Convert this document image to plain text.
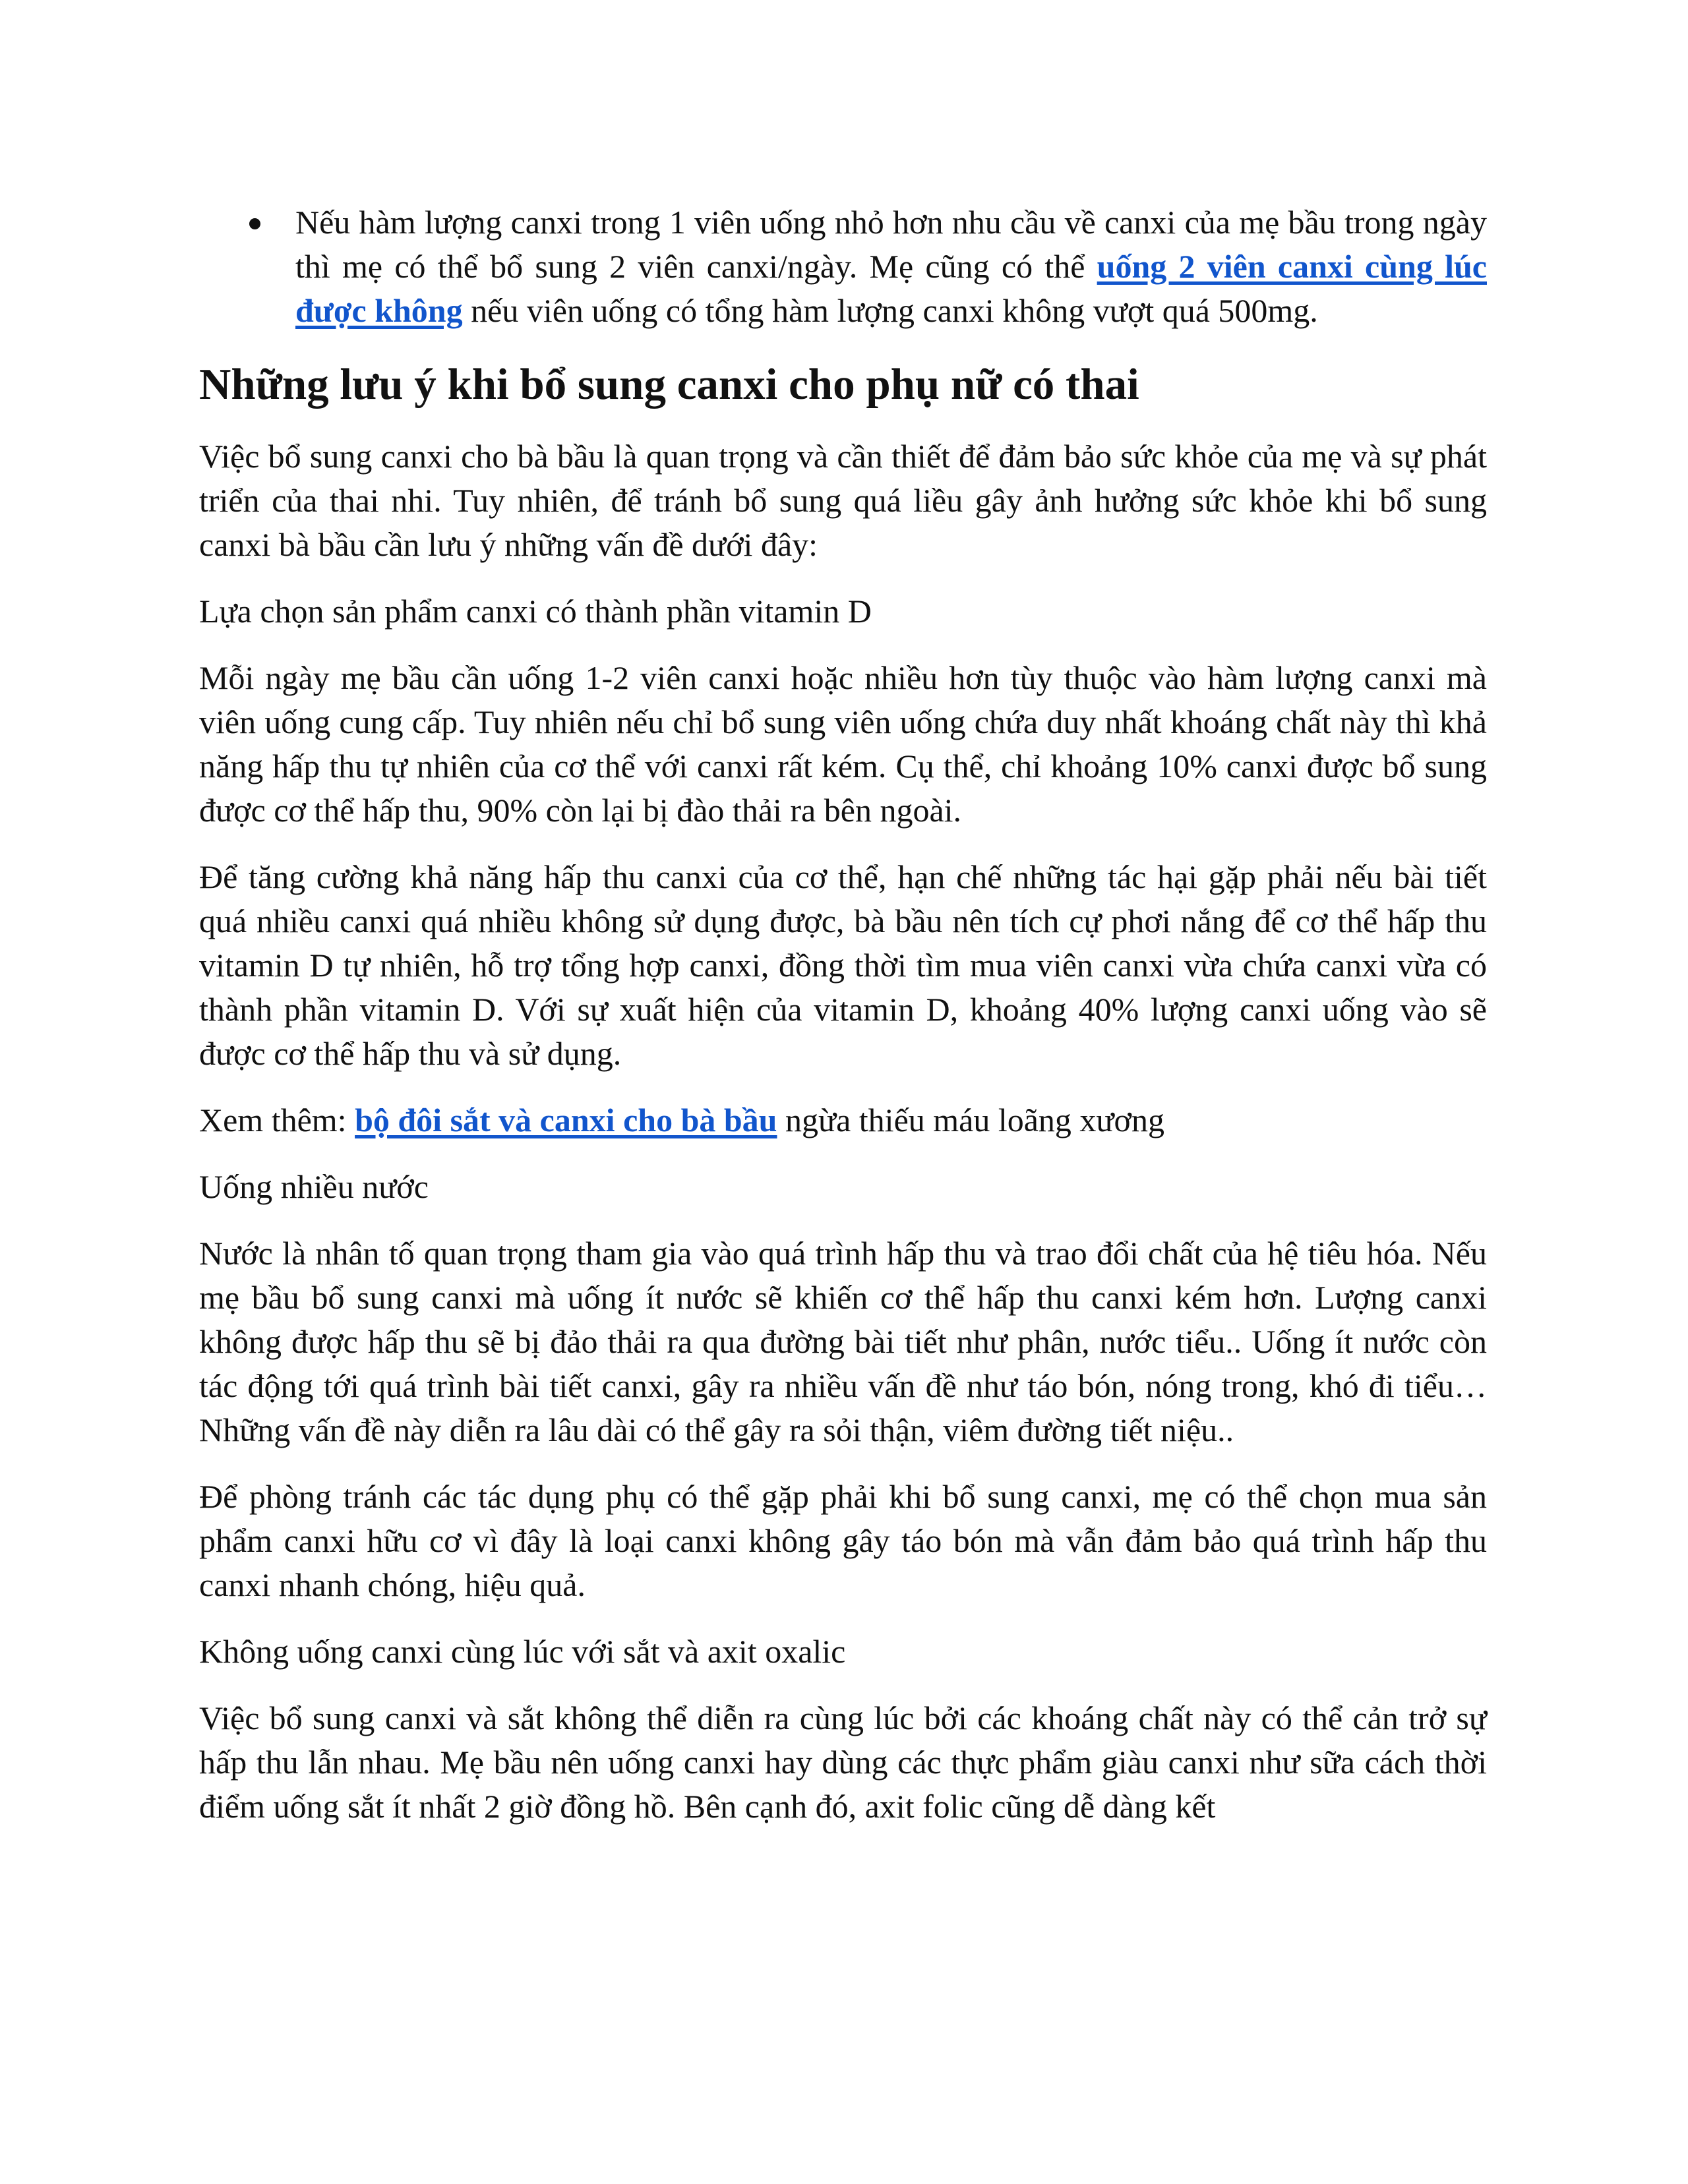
Nếu hàm lượng canxi trong 1 viên uống nhỏ hơn nhu cầu về canxi của mẹ bầu trong ngày thì mẹ có thể bổ sung 2 viên canxi/ngày. Mẹ cũng có thể uống 2 viên canxi cùng lúc được không nếu viên uống có tổng hàm lượng canxi không vượt quá 500mg.
Những lưu ý khi bổ sung canxi cho phụ nữ có thai

Việc bổ sung canxi cho bà bầu là quan trọng và cần thiết để đảm bảo sức khỏe của mẹ và sự phát triển của thai nhi. Tuy nhiên, để tránh bổ sung quá liều gây ảnh hưởng sức khỏe khi bổ sung canxi bà bầu cần lưu ý những vấn đề dưới đây:

Lựa chọn sản phẩm canxi có thành phần vitamin D

Mỗi ngày mẹ bầu cần uống 1-2 viên canxi hoặc nhiều hơn tùy thuộc vào hàm lượng canxi mà viên uống cung cấp. Tuy nhiên nếu chỉ bổ sung viên uống chứa duy nhất khoáng chất này thì khả năng hấp thu tự nhiên của cơ thể với canxi rất kém. Cụ thể, chỉ khoảng 10% canxi được bổ sung được cơ thể hấp thu, 90% còn lại bị đào thải ra bên ngoài.

Để tăng cường khả năng hấp thu canxi của cơ thể, hạn chế những tác hại gặp phải nếu bài tiết quá nhiều canxi quá nhiều không sử dụng được, bà bầu nên tích cự phơi nắng để cơ thể hấp thu vitamin D tự nhiên, hỗ trợ tổng hợp canxi, đồng thời tìm mua viên canxi vừa chứa canxi vừa có thành phần vitamin D. Với sự xuất hiện của vitamin D, khoảng 40% lượng canxi uống vào sẽ được cơ thể hấp thu và sử dụng.

Xem thêm: bộ đôi sắt và canxi cho bà bầu ngừa thiếu máu loãng xương

Uống nhiều nước

Nước là nhân tố quan trọng tham gia vào quá trình hấp thu và trao đổi chất của hệ tiêu hóa. Nếu mẹ bầu bổ sung canxi mà uống ít nước sẽ khiến cơ thể hấp thu canxi kém hơn. Lượng canxi không được hấp thu sẽ bị đảo thải ra qua đường bài tiết như phân, nước tiểu.. Uống ít nước còn tác động tới quá trình bài tiết canxi, gây ra nhiều vấn đề như táo bón, nóng trong, khó đi tiểu… Những vấn đề này diễn ra lâu dài có thể gây ra sỏi thận, viêm đường tiết niệu..

Để phòng tránh các tác dụng phụ có thể gặp phải khi bổ sung canxi, mẹ có thể chọn mua sản phẩm canxi hữu cơ vì đây là loại canxi không gây táo bón mà vẫn đảm bảo quá trình hấp thu canxi nhanh chóng, hiệu quả.

Không uống canxi cùng lúc với sắt và axit oxalic

Việc bổ sung canxi và sắt không thể diễn ra cùng lúc bởi các khoáng chất này có thể cản trở sự hấp thu lẫn nhau. Mẹ bầu nên uống canxi hay dùng các thực phẩm giàu canxi như sữa cách thời điểm uống sắt ít nhất 2 giờ đồng hồ. Bên cạnh đó, axit folic cũng dễ dàng kết
